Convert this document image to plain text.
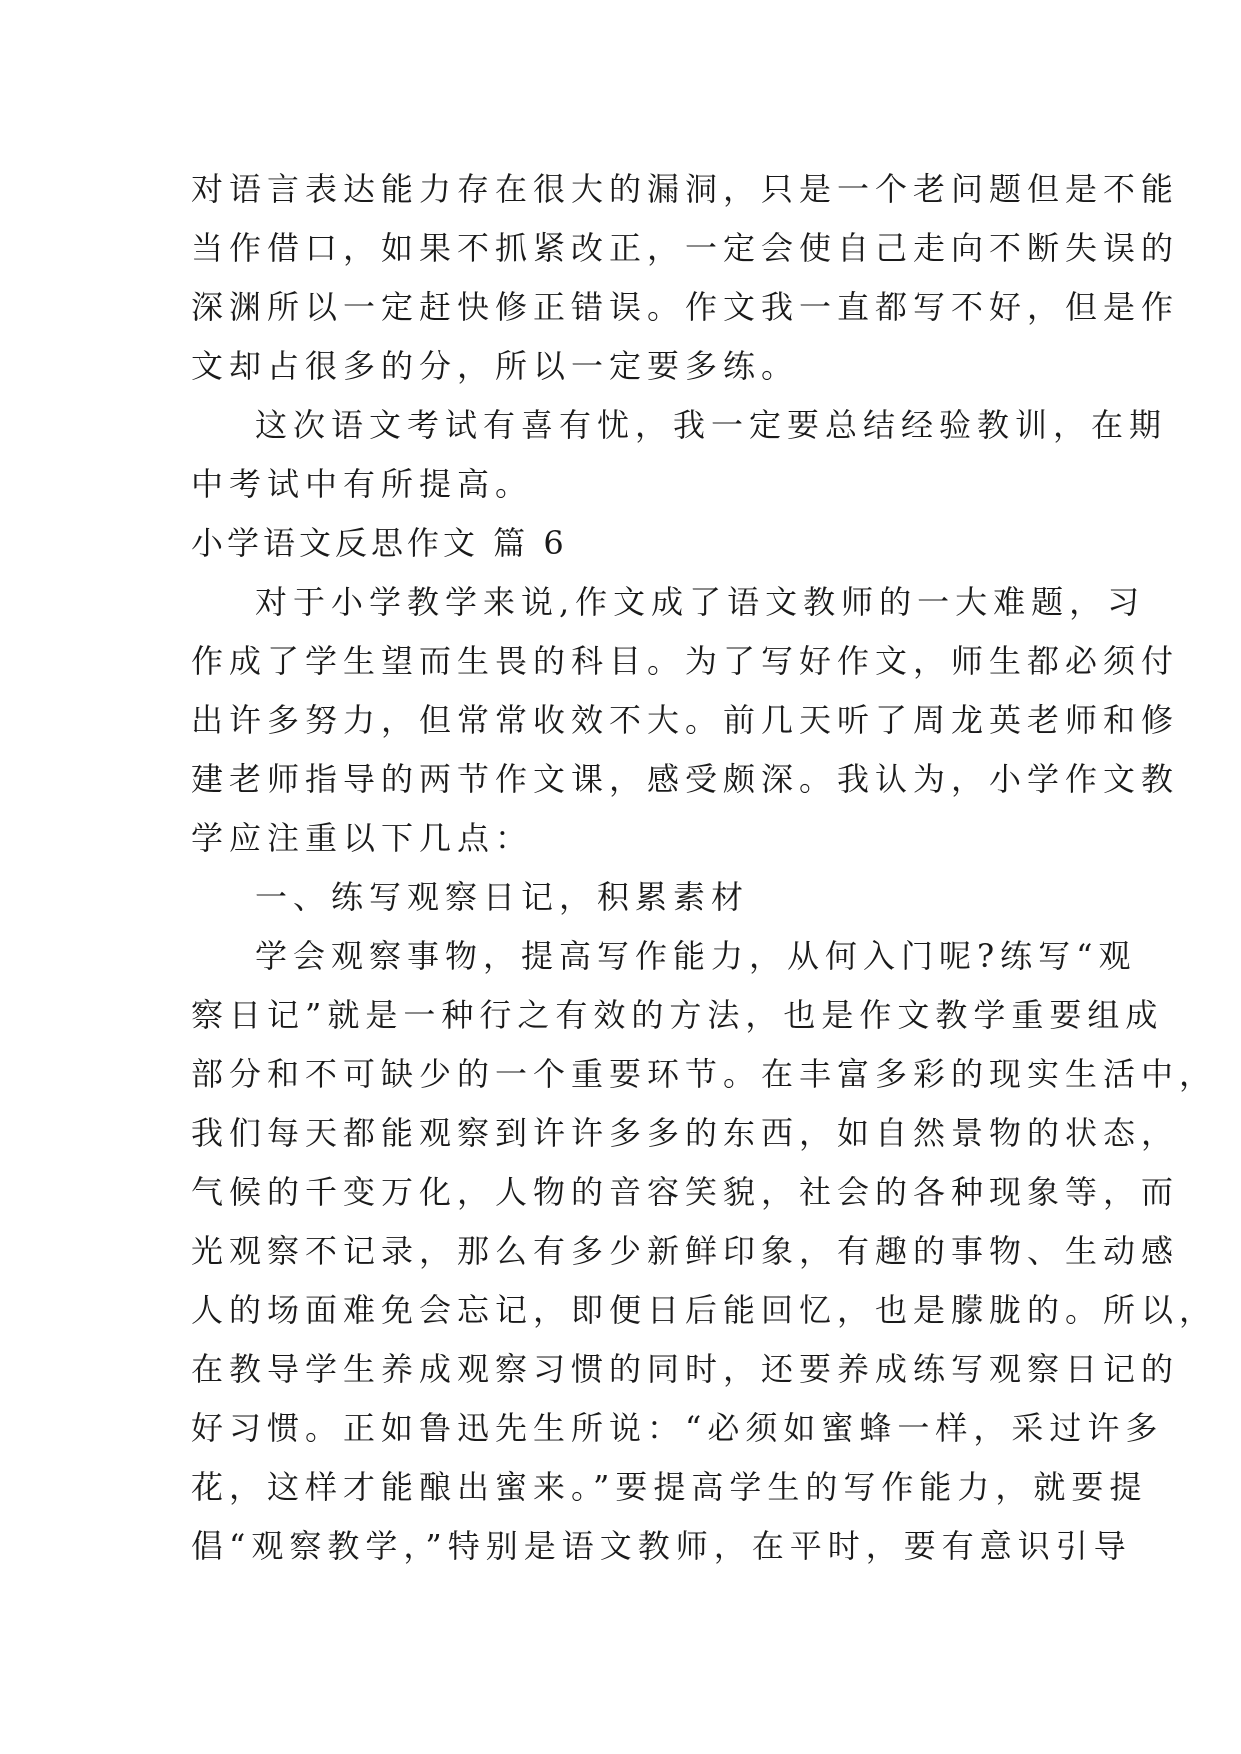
对语言表达能力存在很大的漏洞，只是一个老问题但是不能
当作借口，如果不抓紧改正，一定会使自己走向不断失误的
深渊所以一定赶快修正错误。作文我一直都写不好，但是作
文却占很多的分，所以一定要多练。
这次语文考试有喜有忧，我一定要总结经验教训，在期
中考试中有所提高。
小学语文反思作文 篇 6
对于小学教学来说,作文成了语文教师的一大难题，习
作成了学生望而生畏的科目。为了写好作文，师生都必须付
出许多努力，但常常收效不大。前几天听了周龙英老师和修
建老师指导的两节作文课，感受颇深。我认为，小学作文教
学应注重以下几点：
一、练写观察日记，积累素材
学会观察事物，提高写作能力，从何入门呢?练写“观
察日记”就是一种行之有效的方法，也是作文教学重要组成
部分和不可缺少的一个重要环节。在丰富多彩的现实生活中，
我们每天都能观察到许许多多的东西，如自然景物的状态，
气候的千变万化，人物的音容笑貌，社会的各种现象等，而
光观察不记录，那么有多少新鲜印象，有趣的事物、生动感
人的场面难免会忘记，即便日后能回忆，也是朦胧的。所以，
在教导学生养成观察习惯的同时，还要养成练写观察日记的
好习惯。正如鲁迅先生所说：“必须如蜜蜂一样，采过许多
花，这样才能酿出蜜来。”要提高学生的写作能力，就要提
倡“观察教学，”特别是语文教师，在平时，要有意识引导
